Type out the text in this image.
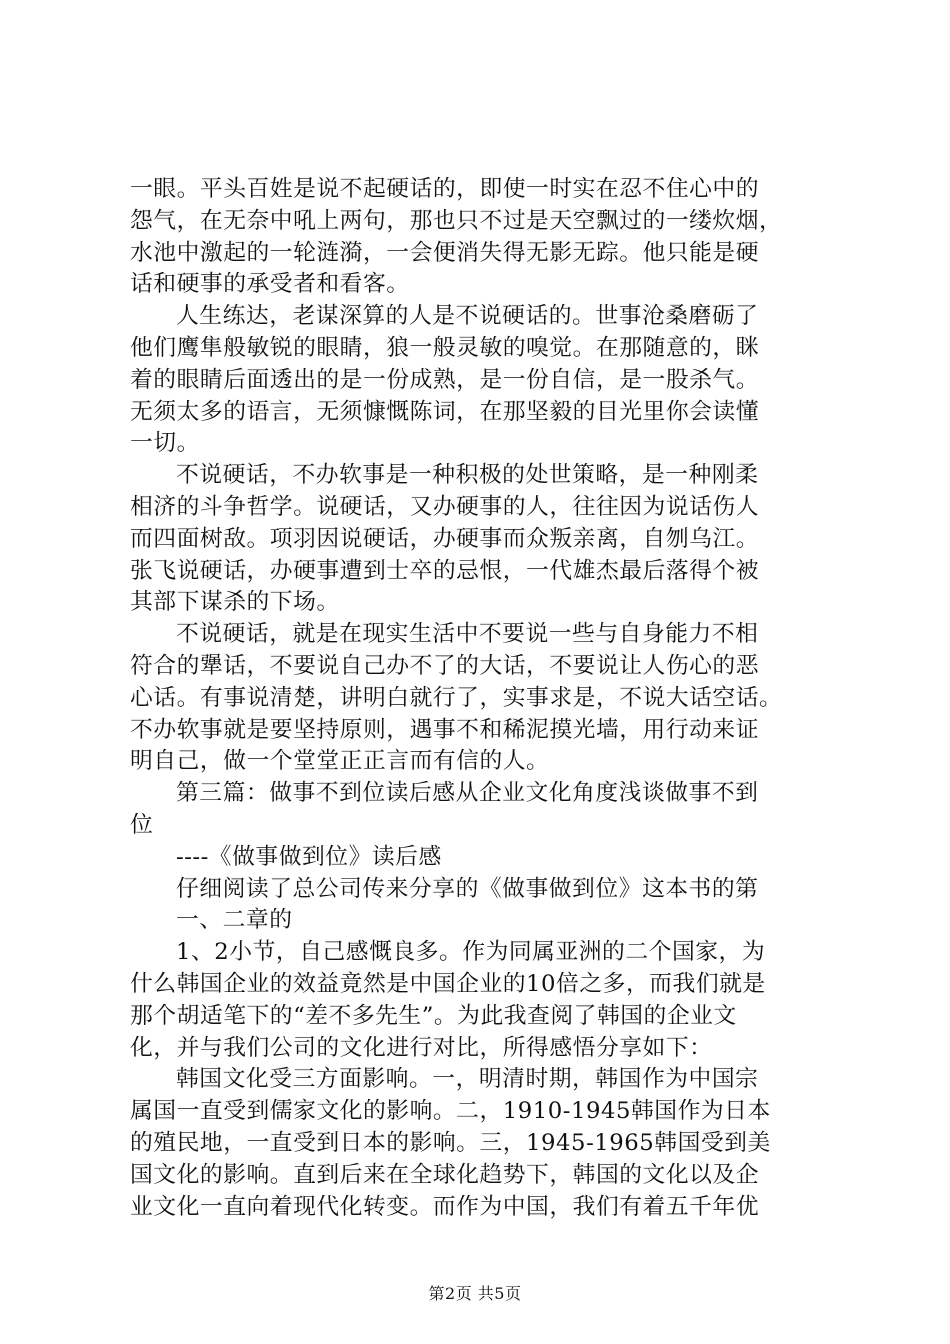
一眼。平头百姓是说不起硬话的，即使一时实在忍不住心中的
怨气，在无奈中吼上两句，那也只不过是天空飘过的一缕炊烟，
水池中激起的一轮涟漪，一会便消失得无影无踪。他只能是硬
话和硬事的承受者和看客。
人生练达，老谋深算的人是不说硬话的。世事沧桑磨砺了
他们鹰隼般敏锐的眼睛，狼一般灵敏的嗅觉。在那随意的，眯
着的眼睛后面透出的是一份成熟，是一份自信，是一股杀气。
无须太多的语言，无须慷慨陈词，在那坚毅的目光里你会读懂
一切。
不说硬话，不办软事是一种积极的处世策略，是一种刚柔
相济的斗争哲学。说硬话，又办硬事的人，往往因为说话伤人
而四面树敌。项羽因说硬话，办硬事而众叛亲离，自刎乌江。
张飞说硬话，办硬事遭到士卒的忌恨，一代雄杰最后落得个被
其部下谋杀的下场。
不说硬话，就是在现实生活中不要说一些与自身能力不相
符合的犟话，不要说自己办不了的大话，不要说让人伤心的恶
心话。有事说清楚，讲明白就行了，实事求是，不说大话空话。
不办软事就是要坚持原则，遇事不和稀泥摸光墙，用行动来证
明自己，做一个堂堂正正言而有信的人。
第三篇：做事不到位读后感从企业文化角度浅谈做事不到
位
----《做事做到位》读后感
仔细阅读了总公司传来分享的《做事做到位》这本书的第
一、二章的
1、2小节，自己感慨良多。作为同属亚洲的二个国家，为
什么韩国企业的效益竟然是中国企业的10倍之多，而我们就是
那个胡适笔下的“差不多先生”。为此我查阅了韩国的企业文
化，并与我们公司的文化进行对比，所得感悟分享如下：
韩国文化受三方面影响。一，明清时期，韩国作为中国宗
属国一直受到儒家文化的影响。二，1910-1945韩国作为日本
的殖民地，一直受到日本的影响。三，1945-1965韩国受到美
国文化的影响。直到后来在全球化趋势下，韩国的文化以及企
业文化一直向着现代化转变。而作为中国，我们有着五千年优
第2页 共5页
